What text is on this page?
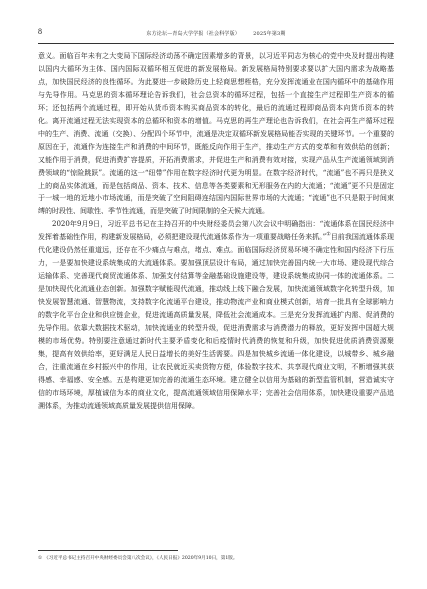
8	东方论坛—青岛大学学报（社会科学版）　　　2025年第3期

意义。面临百年未有之大变局下国际经济动荡不确定因素增多的背景，以习近平同志为核心的党中央及时提出构建以国内大循环为主体、国内国际双循环相互促进的新发展格局。新发展格局特别要求要以扩大国内需求为战略基点，加快国民经济的良性循环。为此要进一步破除历史上轻商思想桎梏，充分发挥流通业在国内循环中的基础作用与先导作用。马克思的资本循环理论告诉我们，社会总资本的循环过程，包括一个直接生产过程即生产资本的循环；还包括两个流通过程，即开始从货币资本购买商品资本的转化，最后的流通过程即商品资本向货币资本的转化。离开流通过程无法实现资本的总循环和资本的增值。马克思的再生产理论也告诉我们，在社会再生产循环过程中的生产、消费、流通（交换）、分配四个环节中，流通是决定双循环新发展格局能否实现的关键环节。一个重要的原因在于，流通作为连接生产和消费的中间环节，既能反向作用于生产，推动生产方式的变革和有效供给的创新；又能作用于消费，促进消费扩容提质，开拓消费需求，并促进生产和消费有效对接，实现产品从生产流通领域到消费领域的“惊险跳跃”。流通的这一“纽带”作用在数字经济时代更为明显。在数字经济时代，“流通”也不再只是狭义上的商品实体流通，而是包括商品、资本、技术、信息等各类要素和无形服务在内的大流通；“流通”更不只是固定于一城一地的近地小市场流通，而是突破了空间阻碍连结国内国际世界市场的大流通；“流通”也不只是限于时间束缚的时段性、间歇性、季节性流通，而是突破了时间限制的全天候大流通。

2020年9月9日，习近平总书记在主持召开的中央财经委员会第八次会议中明确指出：“流通体系在国民经济中发挥着基础性作用，构建新发展格局，必须把建设现代流通体系作为一项重要战略任务来抓。”①目前我国流通体系现代化建设仍然任重道远，还存在不少痛点与难点，堵点、难点。面临国际经济贸易环境不确定性和国内经济下行压力，一是要加快建设系统集成的大流通体系。要加强顶层设计布局，通过加快完善国内统一大市场、建设现代综合运输体系、完善现代商贸流通体系、加强支付结算等金融基础设施建设等，建设系统集成协同一体的流通体系。二是加快现代化流通业态创新。加强数字赋能现代流通，推动线上线下融合发展，加快流通领域数字化转型升级，加快发展智慧流通、智慧物流，支持数字化流通平台建设，推动物流产业和商业模式创新，培育一批具有全球影响力的数字化平台企业和供应链企业，促进流通高质量发展，降低社会流通成本。三是充分发挥流通扩内需、促消费的先导作用。依靠大数据技术驱动，加快流通业的转型升级，促进消费需求与消费潜力的释放，更好发挥中国超大规模的市场优势。特别要注意通过新时代主要矛盾变化和后疫情时代消费的恢复和升级，加快促进优质消费资源聚集，提高有效供给率，更好满足人民日益增长的美好生活需要。四是加快城乡流通一体化建设，以城带乡、城乡融合，注重流通在乡村振兴中的作用，让农民就近买卖货物方便，体验数字技术、共享现代商业文明，不断增强其获得感、幸福感、安全感。五是构建更加完善的流通生态环境。建立健全以信用为基础的新型监管机制，营造诚实守信的市场环境，厚植诚信为本的商业文化，提高流通领域信用保障水平；完善社会信用体系，加快建设重要产品追溯体系，为推动流通领域高质量发展提供信用保障。

① 《习近平总书记主持召开中央财经委员会第八次会议》，《人民日报》2020年9月10日，第1版。
